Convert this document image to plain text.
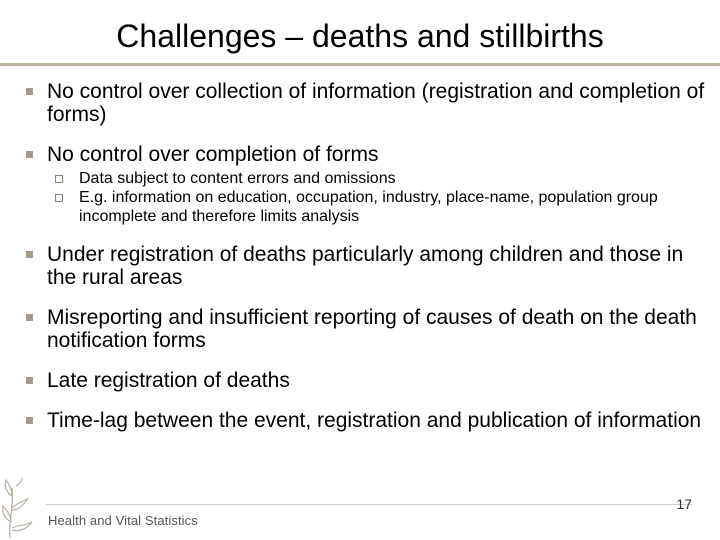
Challenges – deaths and stillbirths
No control over collection of information (registration and completion of forms)
No control over completion of forms
Data subject to content errors and omissions
E.g. information on education, occupation, industry, place-name, population group incomplete and therefore limits analysis
Under registration of deaths particularly among children and those in the rural areas
Misreporting and insufficient reporting of causes of death on the death notification forms
Late registration of deaths
Time-lag between the event, registration and publication of information
Health and Vital Statistics
17
